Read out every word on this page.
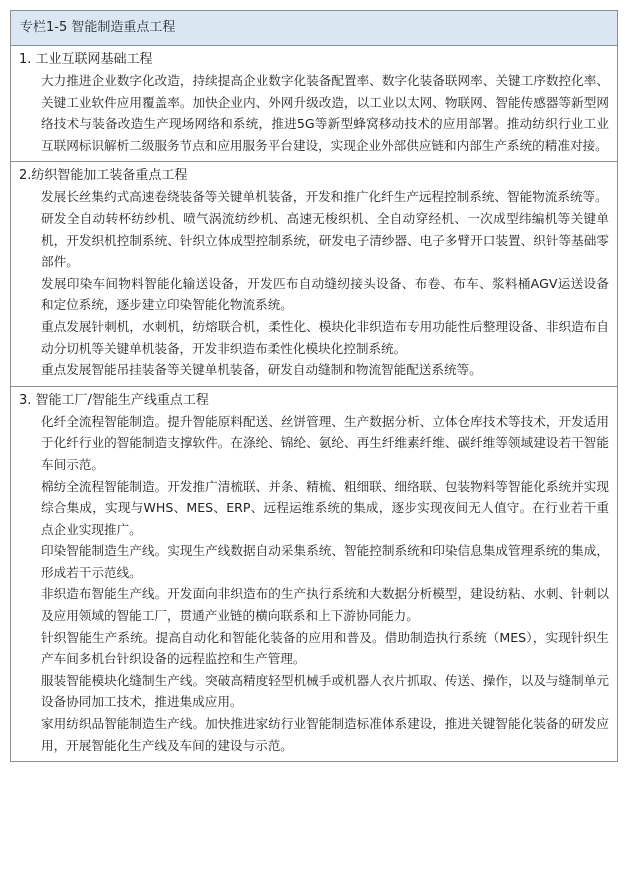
专栏1-5 智能制造重点工程
1. 工业互联网基础工程

大力推进企业数字化改造，持续提高企业数字化装备配置率、数字化装备联网率、关键工序数控化率、关键工业软件应用覆盖率。加快企业内、外网升级改造，以工业以太网、物联网、智能传感器等新型网络技术与装备改造生产现场网络和系统，推进5G等新型蜂窝移动技术的应用部署。推动纺织行业工业互联网标识解析二级服务节点和应用服务平台建设，实现企业外部供应链和内部生产系统的精准对接。

2.纺织智能加工装备重点工程

发展长丝集约式高速卷绕装备等关键单机装备，开发和推广化纤生产远程控制系统、智能物流系统等。

研发全自动转杯纺纱机、喷气涡流纺纱机、高速无梭织机、全自动穿经机、一次成型纬编机等关键单机，开发织机控制系统、针织立体成型控制系统，研发电子清纱器、电子多臂开口装置、织针等基础零部件。

发展印染车间物料智能化输送设备，开发匹布自动缝纫接头设备、布卷、布车、浆料桶AGV运送设备和定位系统，逐步建立印染智能化物流系统。

重点发展针刺机，水刺机，纺熔联合机，柔性化、模块化非织造布专用功能性后整理设备、非织造布自动分切机等关键单机装备，开发非织造布柔性化模块化控制系统。

重点发展智能吊挂装备等关键单机装备，研发自动缝制和物流智能配送系统等。

3. 智能工厂/智能生产线重点工程

化纤全流程智能制造。提升智能原料配送、丝饼管理、生产数据分析、立体仓库技术等技术，开发适用于化纤行业的智能制造支撑软件。在涤纶、锦纶、氨纶、再生纤维素纤维、碳纤维等领域建设若干智能车间示范。

棉纺全流程智能制造。开发推广清梳联、并条、精梳、粗细联、细络联、包装物料等智能化系统并实现综合集成，实现与WHS、MES、ERP、远程运维系统的集成，逐步实现夜间无人值守。在行业若干重点企业实现推广。

印染智能制造生产线。实现生产线数据自动采集系统、智能控制系统和印染信息集成管理系统的集成，形成若干示范线。

非织造布智能生产线。开发面向非织造布的生产执行系统和大数据分析模型，建设纺粘、水刺、针刺以及应用领域的智能工厂，贯通产业链的横向联系和上下游协同能力。

针织智能生产系统。提高自动化和智能化装备的应用和普及。借助制造执行系统（MES），实现针织生产车间多机台针织设备的远程监控和生产管理。

服装智能模块化缝制生产线。突破高精度轻型机械手或机器人衣片抓取、传送、操作，以及与缝制单元设备协同加工技术，推进集成应用。

家用纺织品智能制造生产线。加快推进家纺行业智能制造标准体系建设，推进关键智能化装备的研发应用，开展智能化生产线及车间的建设与示范。
